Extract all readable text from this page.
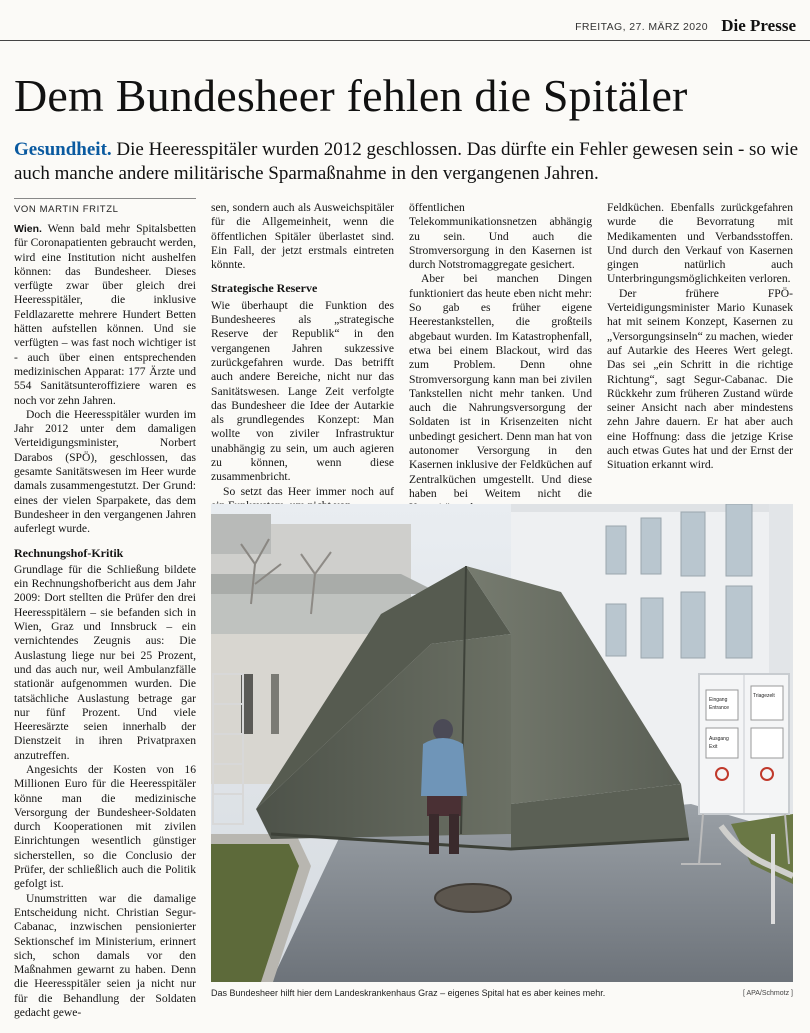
FREITAG, 27. MÄRZ 2020 Die Presse
Dem Bundesheer fehlen die Spitäler
Gesundheit. Die Heeresspitäler wurden 2012 geschlossen. Das dürfte ein Fehler gewesen sein - so wie auch manche andere militärische Sparmaßnahme in den vergangenen Jahren.
VON MARTIN FRITZL

Wien. Wenn bald mehr Spitalsbetten für Coronapatienten gebraucht werden, wird eine Institution nicht aushelfen können: das Bundesheer. Dieses verfügte zwar über gleich drei Heeresspitäler, die inklusive Feldlazarette mehrere Hundert Betten hätten aufstellen können. Und sie verfügten – was fast noch wichtiger ist - auch über einen entsprechenden medizinischen Apparat: 177 Ärzte und 554 Sanitätsunteroffiziere waren es noch vor zehn Jahren.

Doch die Heeresspitäler wurden im Jahr 2012 unter dem damaligen Verteidigungsminister, Norbert Darabos (SPÖ), geschlossen, das gesamte Sanitätswesen im Heer wurde damals zusammengestutzt. Der Grund: eines der vielen Sparpakete, das dem Bundesheer in den vergangenen Jahren auferlegt wurde.

Rechnungshof-Kritik

Grundlage für die Schließung bildete ein Rechnungshofbericht aus dem Jahr 2009: Dort stellten die Prüfer den drei Heeresspitälern – sie befanden sich in Wien, Graz und Innsbruck – ein vernichtendes Zeugnis aus: Die Auslastung liege nur bei 25 Prozent, und das auch nur, weil Ambulanzfälle stationär aufgenommen wurden. Die tatsächliche Auslastung betrage gar nur fünf Prozent. Und viele Heeresärzte seien innerhalb der Dienstzeit in ihren Privatpraxen anzutreffen.

Angesichts der Kosten von 16 Millionen Euro für die Heeresspitäler könne man die medizinische Versorgung der Bundesheer-Soldaten durch Kooperationen mit zivilen Einrichtungen wesentlich günstiger sicherstellen, so die Conclusio der Prüfer, der schließlich auch die Politik gefolgt ist.

Unumstritten war die damalige Entscheidung nicht. Christian Segur-Cabanac, inzwischen pensionierter Sektionschef im Ministerium, erinnert sich, schon damals vor den Maßnahmen gewarnt zu haben. Denn die Heeresspitäler seien ja nicht nur für die Behandlung der Soldaten gedacht gewe-

sen, sondern auch als Ausweichspitäler für die Allgemeinheit, wenn die öffentlichen Spitäler überlastet sind. Ein Fall, der jetzt erstmals eintreten könnte.

Strategische Reserve

Wie überhaupt die Funktion des Bundesheeres als „strategische Reserve der Republik“ in den vergangenen Jahren sukzessive zurückgefahren wurde. Das betrifft auch andere Bereiche, nicht nur das Sanitätswesen. Lange Zeit verfolgte das Bundesheer die Idee der Autarkie als grundlegendes Konzept: Man wollte von ziviler Infrastruktur unabhängig zu sein, um auch agieren zu können, wenn diese zusammenbricht.

So setzt das Heer immer noch auf

öffentlichen Telekommunikationsnetzen abhängig zu sein. Und auch die Stromversorgung in den Kasernen ist durch Notstromaggregate gesichert.

Aber bei manchen Dingen funktioniert das heute eben nicht mehr: So gab es früher eigene Heerestankstellen, die großteils abgebaut wurden. Im Katastrophenfall, etwa bei einem Blackout, wird das zum Problem. Denn ohne Stromversorgung kann man bei zivilen Tankstellen nicht mehr tanken. Und auch die Nahrungsversorgung der Soldaten ist in Krisenzeiten nicht unbedingt gesichert. Denn man hat von autonomer Versorgung in den Kasernen inklusive der Feldküchen auf Zentralküchen umgestellt. Und diese haben bei Weitem nicht die

Feldküchen. Ebenfalls zurückgefahren wurde die Bevorratung mit Medikamenten und Verbandsstoffen. Und durch den Verkauf von Kasernen gingen natürlich auch Unterbringungsmöglichkeiten verloren.

Der frühere FPÖ-Verteidigungsminister Mario Kunasek hat mit seinem Konzept, Kasernen zu „Versorgungsinseln“ zu machen, wieder auf Autarkie des Heeres Wert gelegt. Das sei „ein Schritt in die richtige Richtung“, sagt Segur-Cabanac. Die Rückkehr zum früheren Zustand würde seiner Ansicht nach aber mindestens zehn Jahre dauern. Er hat aber auch eine Hoffnung: dass die jetzige Krise auch etwas Gutes hat und der Ernst der Situation erkannt wird.

Eingang
Entrance
Triagezelt
Ausgang
Exit
Das Bundesheer hilft hier dem Landeskrankenhaus Graz – eigenes Spital hat es aber keines mehr.	[ APA/Schmotz ]
